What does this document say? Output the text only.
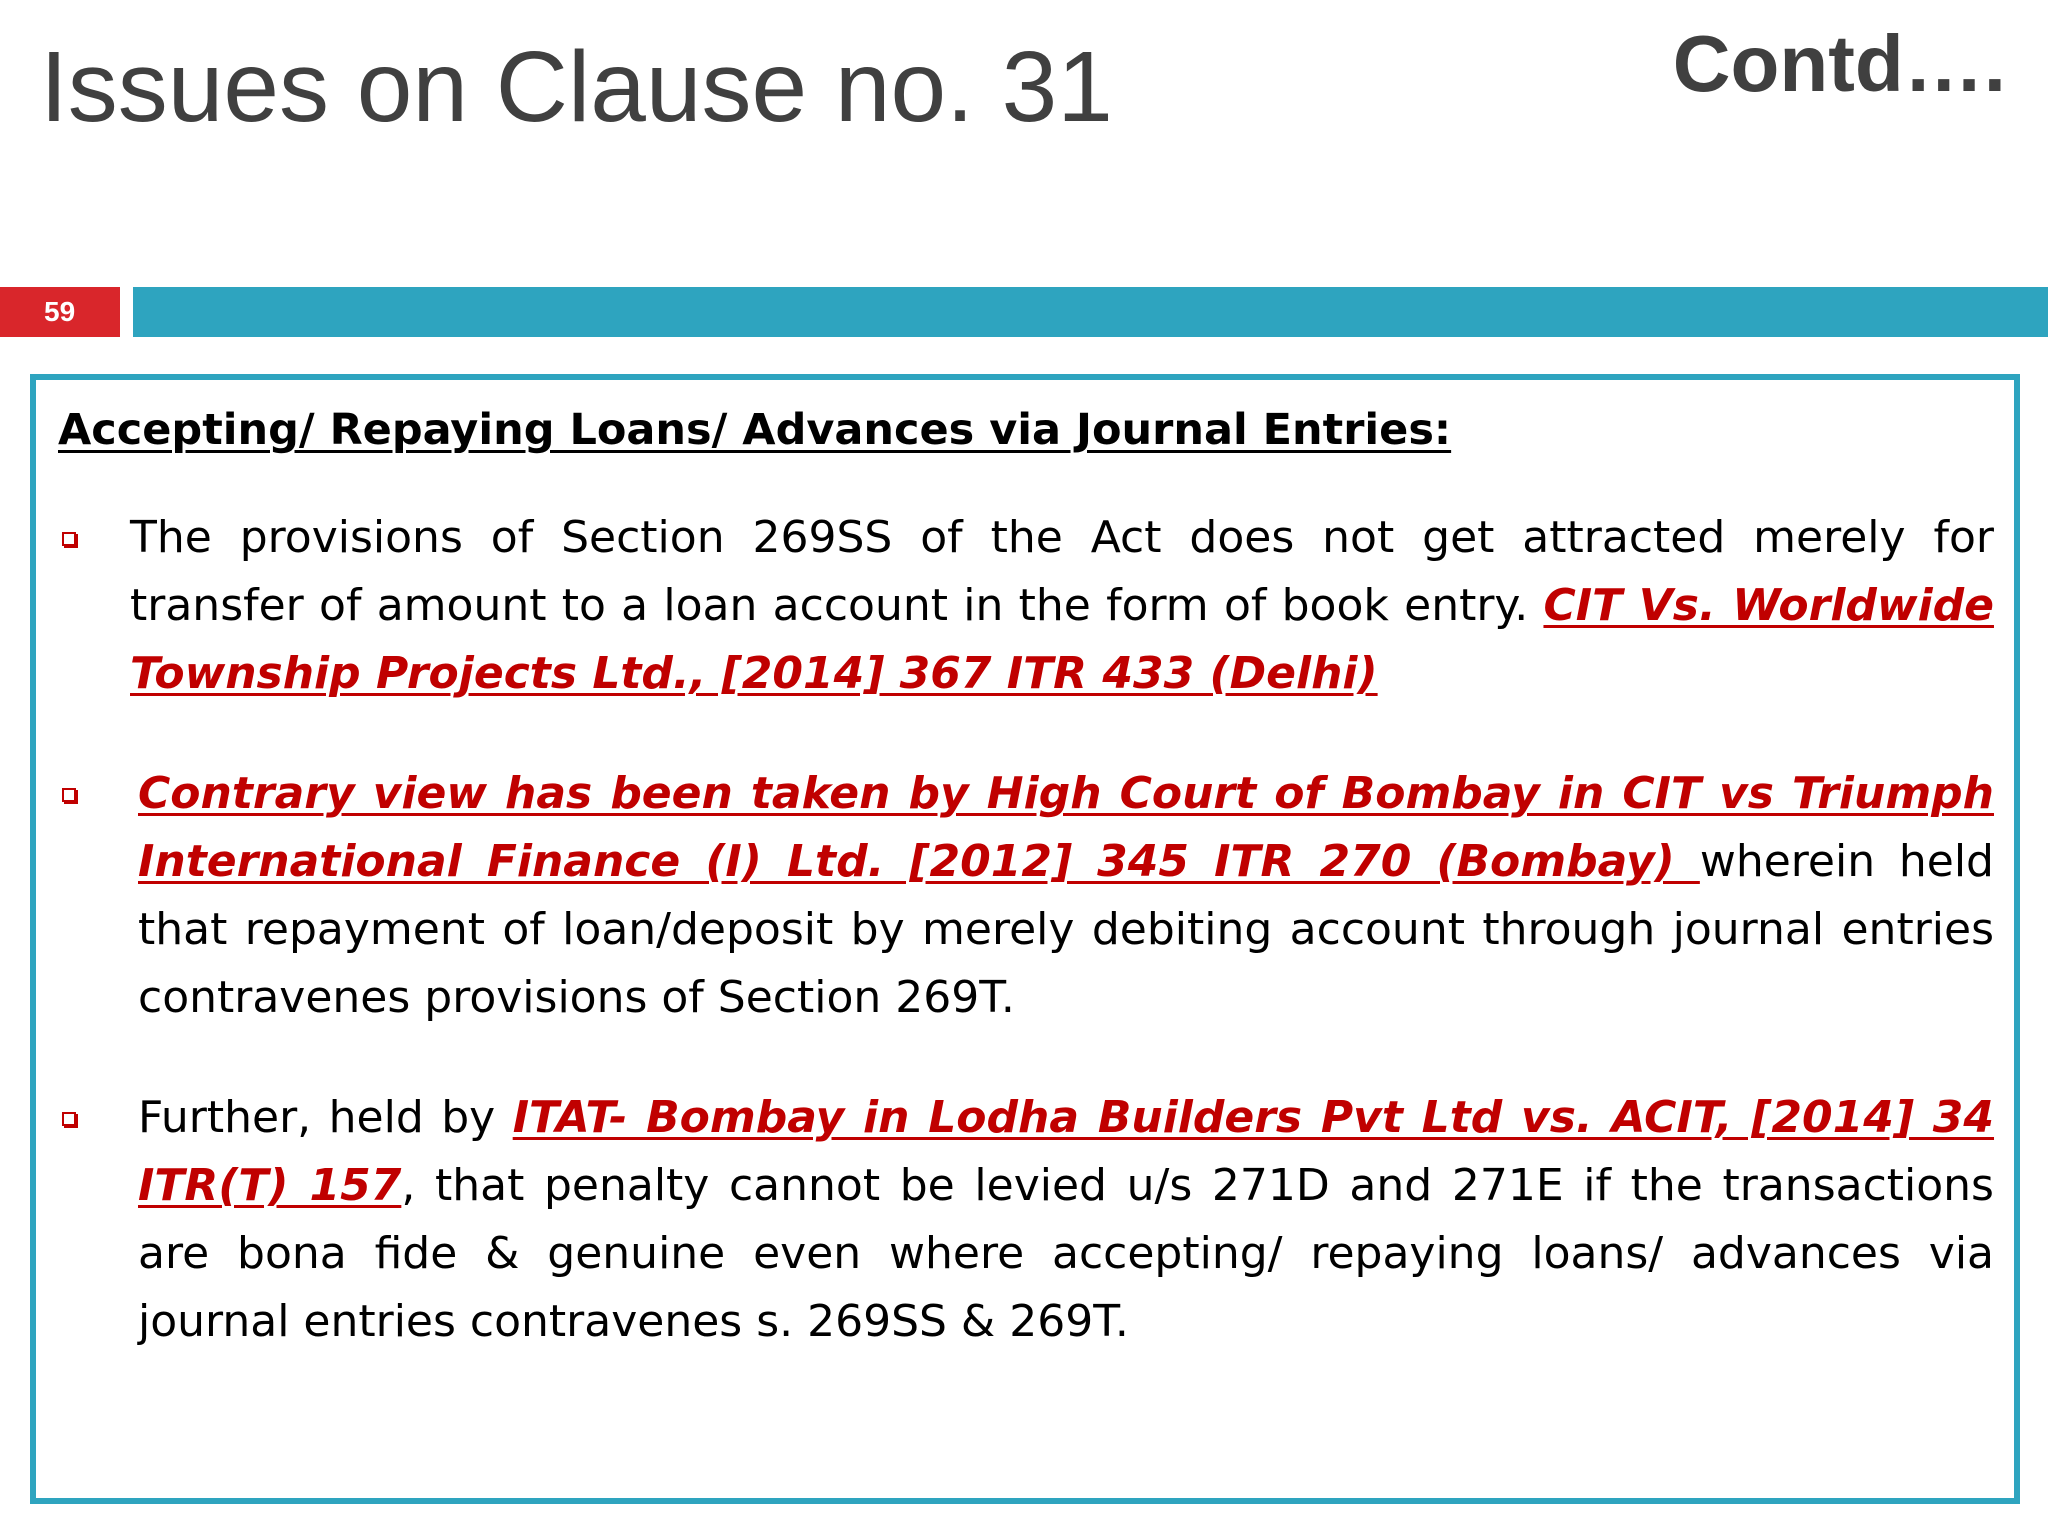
Issues on Clause no. 31	Contd….
59
Accepting/ Repaying Loans/ Advances via Journal Entries:
The provisions of Section 269SS of the Act does not get attracted merely for transfer of amount to a loan account in the form of book entry. CIT Vs. Worldwide Township Projects Ltd., [2014] 367 ITR 433 (Delhi)
Contrary view has been taken by High Court of Bombay in CIT vs Triumph International Finance (I) Ltd. [2012] 345 ITR 270 (Bombay) wherein held that repayment of loan/deposit by merely debiting account through journal entries contravenes provisions of Section 269T.
Further, held by ITAT- Bombay in Lodha Builders Pvt Ltd vs. ACIT, [2014] 34 ITR(T) 157, that penalty cannot be levied u/s 271D and 271E if the transactions are bona fide & genuine even where accepting/ repaying loans/ advances via journal entries contravenes s. 269SS & 269T.
